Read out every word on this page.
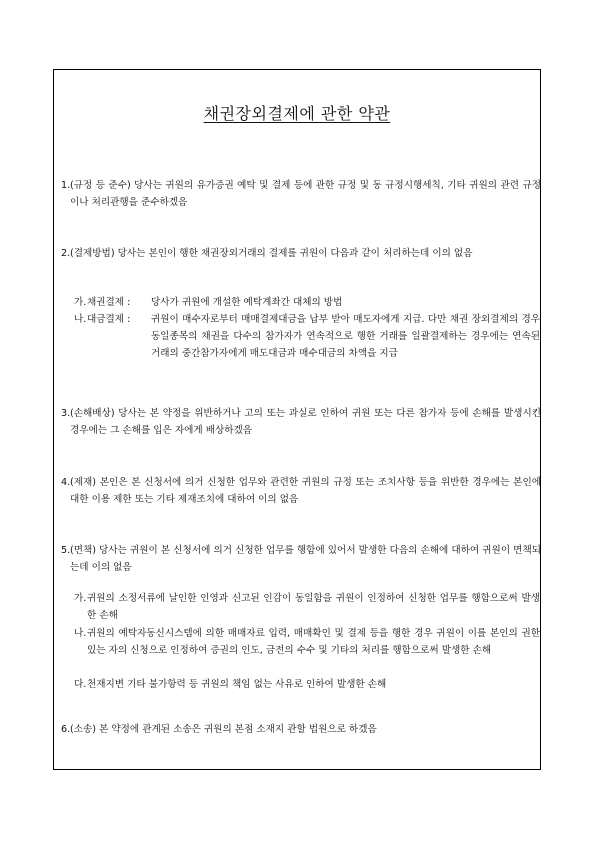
채권장외결제에 관한 약관
1. (규정 등 준수) 당사는 귀원의 유가증권 예탁 및 결제 등에 관한 규정 및 동 규정시행세칙, 기타 귀원의 관련 규정이나 처리관행을 준수하겠음
2. (결제방법) 당사는 본인이 행한 채권장외거래의 결제를 귀원이 다음과 같이 처리하는데 이의 없음
가. 채권결제 : 당사가 귀원에 개설한 예탁계좌간 대체의 방법
나. 대금결제 : 귀원이 매수자로부터 매매결제대금을 납부 받아 매도자에게 지급. 다만 채권 장외결제의 경우 동일종목의 채권을 다수의 참가자가 연속적으로 행한 거래를 일괄결제하는 경우에는 연속된 거래의 중간참가자에게 매도대금과 매수대금의 차액을 지급
3. (손해배상) 당사는 본 약정을 위반하거나 고의 또는 과실로 인하여 귀원 또는 다른 참가자 등에 손해를 발생시킨 경우에는 그 손해를 입은 자에게 배상하겠음
4. (제재) 본인은 본 신청서에 의거 신청한 업무와 관련한 귀원의 규정 또는 조치사항 등을 위반한 경우에는 본인에 대한 이용 제한 또는 기타 제재조치에 대하여 이의 없음
5. (면책) 당사는 귀원이 본 신청서에 의거 신청한 업무를 행함에 있어서 발생한 다음의 손해에 대하여 귀원이 면책되는데 이의 없음
가. 귀원의 소정서류에 날인한 인영과 신고된 인감이 동일함을 귀원이 인정하여 신청한 업무를 행함으로써 발생한 손해
나. 귀원의 예탁자동신시스템에 의한 매매자료 입력, 매매확인 및 결제 등을 행한 경우 귀원이 이를 본인의 권한 있는 자의 신청으로 인정하여 증권의 인도, 금전의 수수 및 기타의 처리를 행함으로써 발생한 손해
다. 천재지변 기타 불가항력 등 귀원의 책임 없는 사유로 인하여 발생한 손해
6. (소송) 본 약정에 관계된 소송은 귀원의 본점 소재지 관할 법원으로 하겠음
